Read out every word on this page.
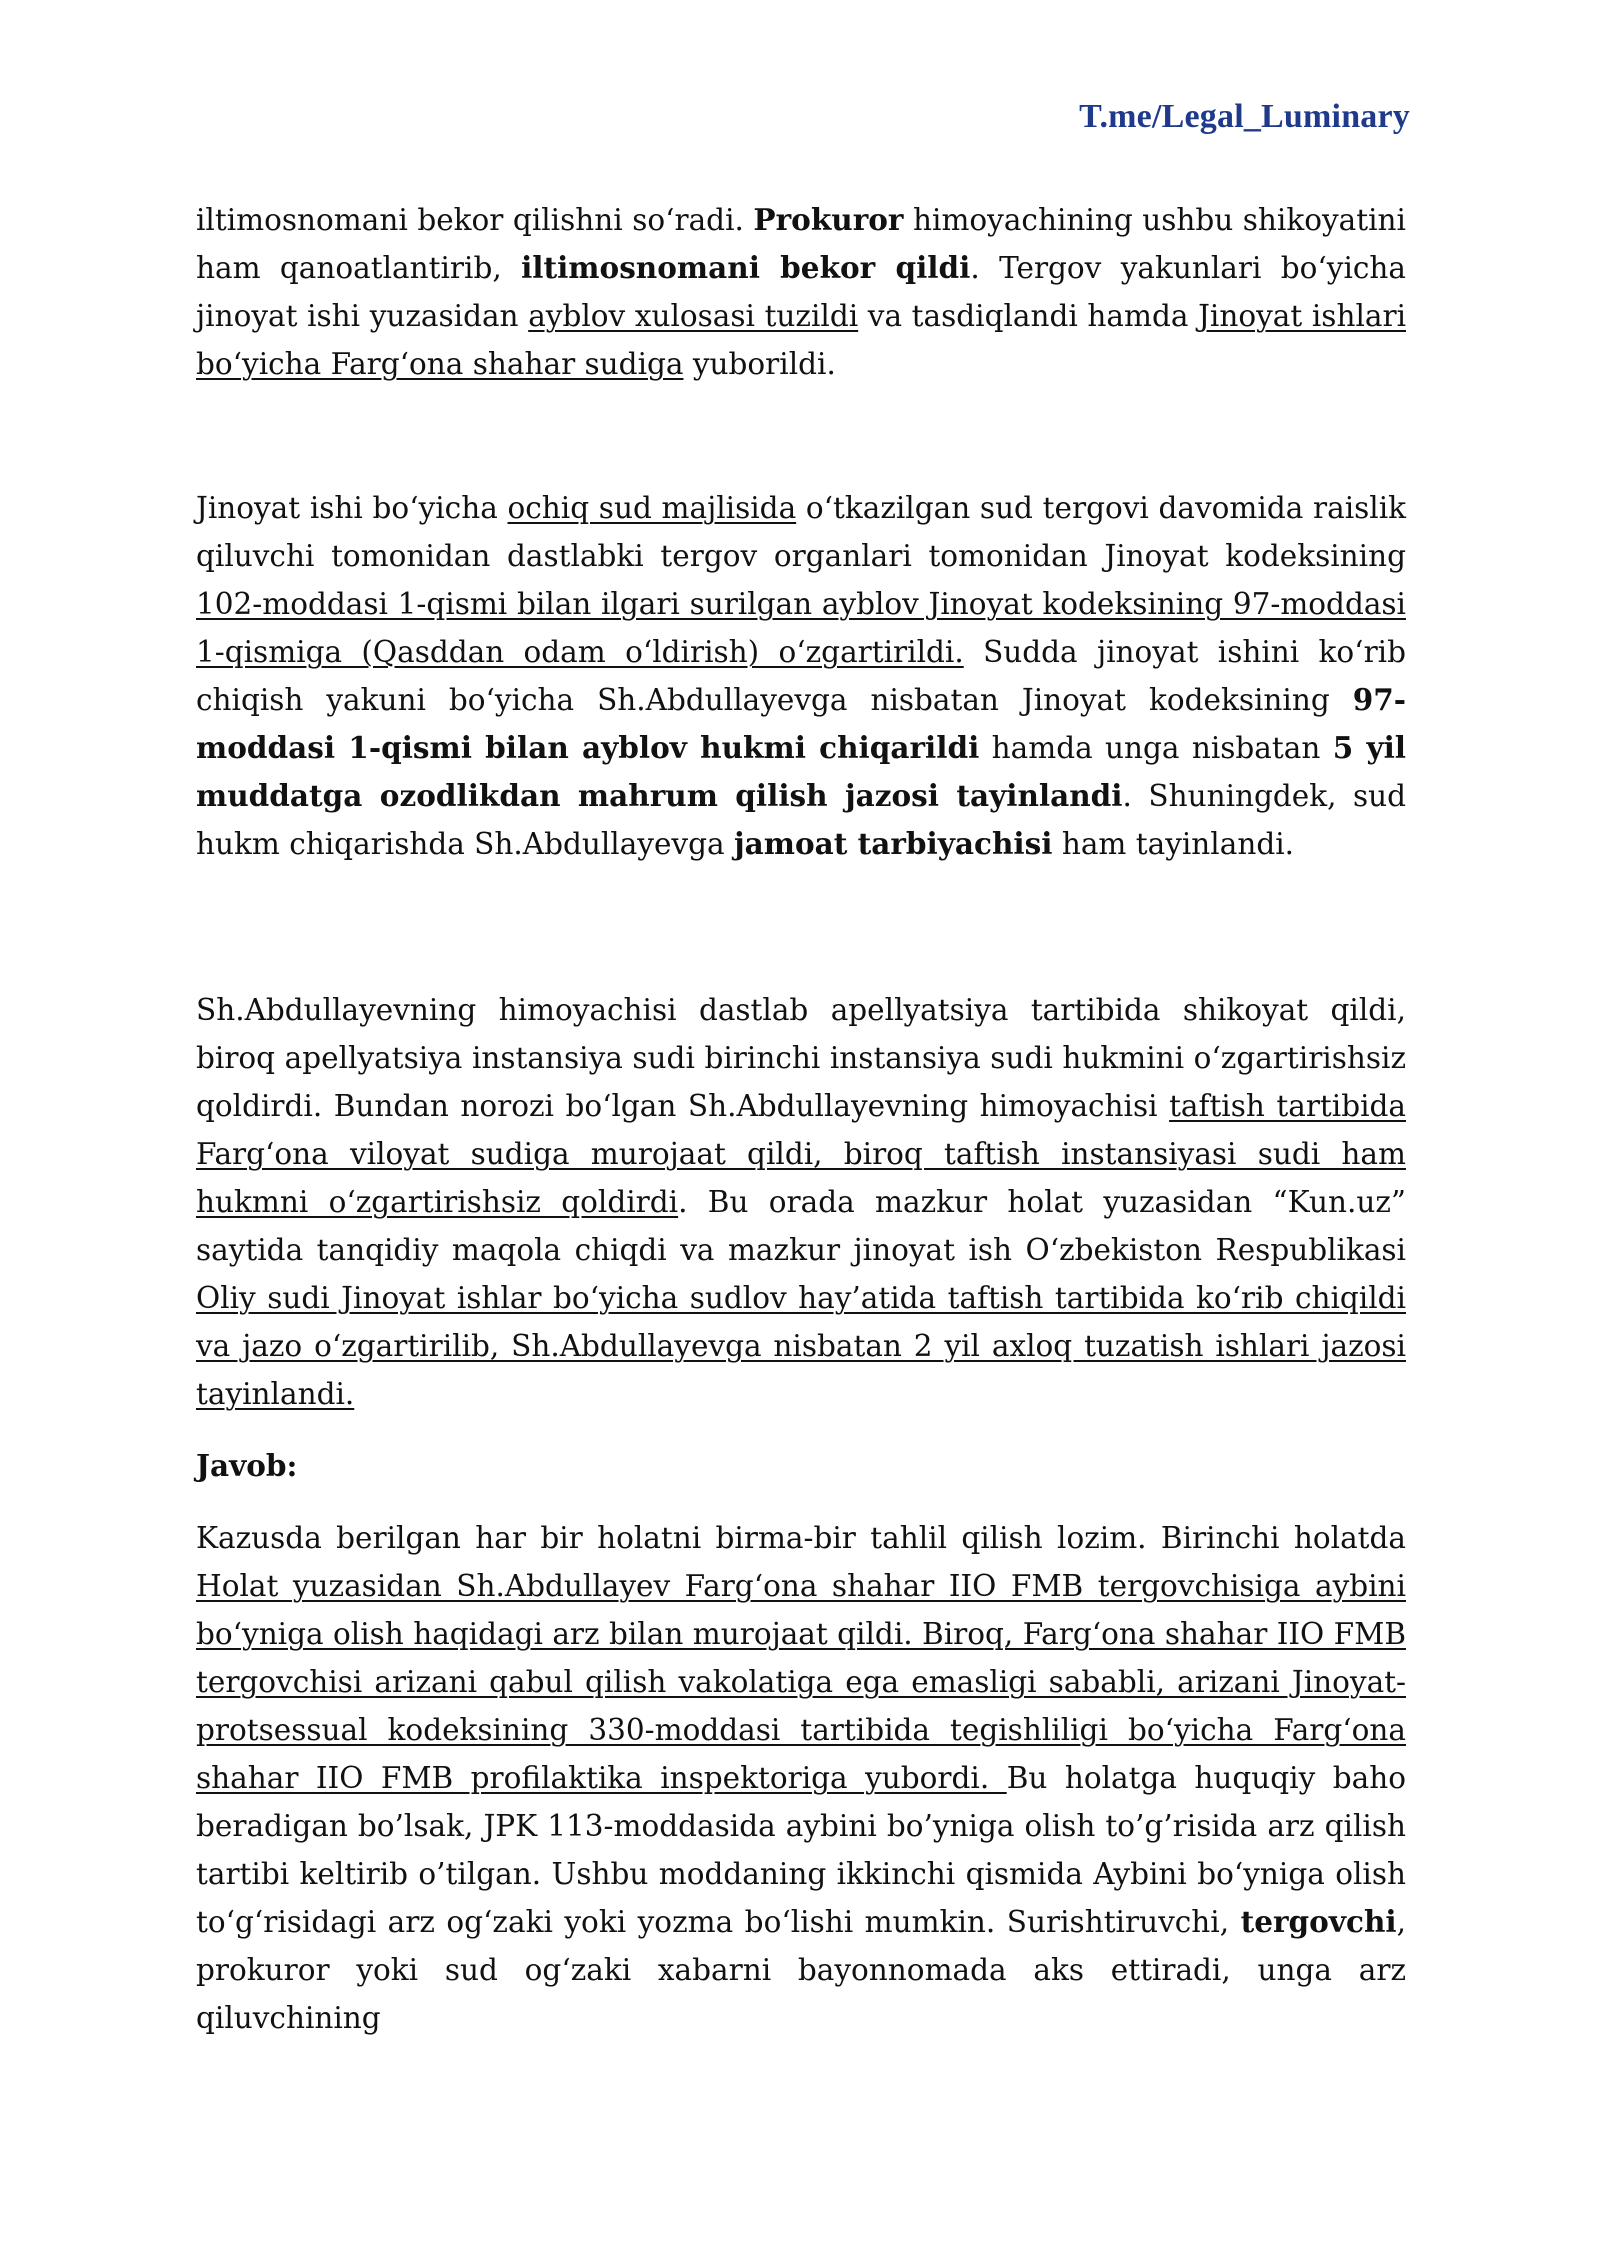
T.me/Legal_Luminary

iltimosnomani bekor qilishni soʻradi. Prokuror himoyachining ushbu shikoyatini ham qanoatlantirib, iltimosnomani bekor qildi. Tergov yakunlari boʻyicha jinoyat ishi yuzasidan ayblov xulosasi tuzildi va tasdiqlandi hamda Jinoyat ishlari boʻyicha Fargʻona shahar sudiga yuborildi.

Jinoyat ishi boʻyicha ochiq sud majlisida oʻtkazilgan sud tergovi davomida raislik qiluvchi tomonidan dastlabki tergov organlari tomonidan Jinoyat kodeksining 102-moddasi 1-qismi bilan ilgari surilgan ayblov Jinoyat kodeksining 97-moddasi 1-qismiga (Qasddan odam oʻldirish) oʻzgartirildi. Sudda jinoyat ishini koʻrib chiqish yakuni boʻyicha Sh.Abdullayevga nisbatan Jinoyat kodeksining 97-moddasi 1-qismi bilan ayblov hukmi chiqarildi hamda unga nisbatan 5 yil muddatga ozodlikdan mahrum qilish jazosi tayinlandi. Shuningdek, sud hukm chiqarishda Sh.Abdullayevga jamoat tarbiyachisi ham tayinlandi.

Sh.Abdullayevning himoyachisi dastlab apellyatsiya tartibida shikoyat qildi, biroq apellyatsiya instansiya sudi birinchi instansiya sudi hukmini oʻzgartirishsiz qoldirdi. Bundan norozi boʻlgan Sh.Abdullayevning himoyachisi taftish tartibida Fargʻona viloyat sudiga murojaat qildi, biroq taftish instansiyasi sudi ham hukmni oʻzgartirishsiz qoldirdi. Bu orada mazkur holat yuzasidan “Kun.uz” saytida tanqidiy maqola chiqdi va mazkur jinoyat ish Oʻzbekiston Respublikasi Oliy sudi Jinoyat ishlar boʻyicha sudlov hay’atida taftish tartibida koʻrib chiqildi va jazo oʻzgartirilib, Sh.Abdullayevga nisbatan 2 yil axloq tuzatish ishlari jazosi tayinlandi.

Javob:

Kazusda berilgan har bir holatni birma-bir tahlil qilish lozim. Birinchi holatda Holat yuzasidan Sh.Abdullayev Fargʻona shahar IIO FMB tergovchisiga aybini boʻyniga olish haqidagi arz bilan murojaat qildi. Biroq, Fargʻona shahar IIO FMB tergovchisi arizani qabul qilish vakolatiga ega emasligi sababli, arizani Jinoyat-protsessual kodeksining 330-moddasi tartibida tegishliligi boʻyicha Fargʻona shahar IIO FMB profilaktika inspektoriga yubordi. Bu holatga huquqiy baho beradigan bo’lsak, JPK 113-moddasida aybini bo’yniga olish to’g’risida arz qilish tartibi keltirib o’tilgan. Ushbu moddaning ikkinchi qismida Aybini boʻyniga olish toʻgʻrisidagi arz ogʻzaki yoki yozma boʻlishi mumkin. Surishtiruvchi, tergovchi, prokuror yoki sud ogʻzaki xabarni bayonnomada aks ettiradi, unga arz qiluvchining
